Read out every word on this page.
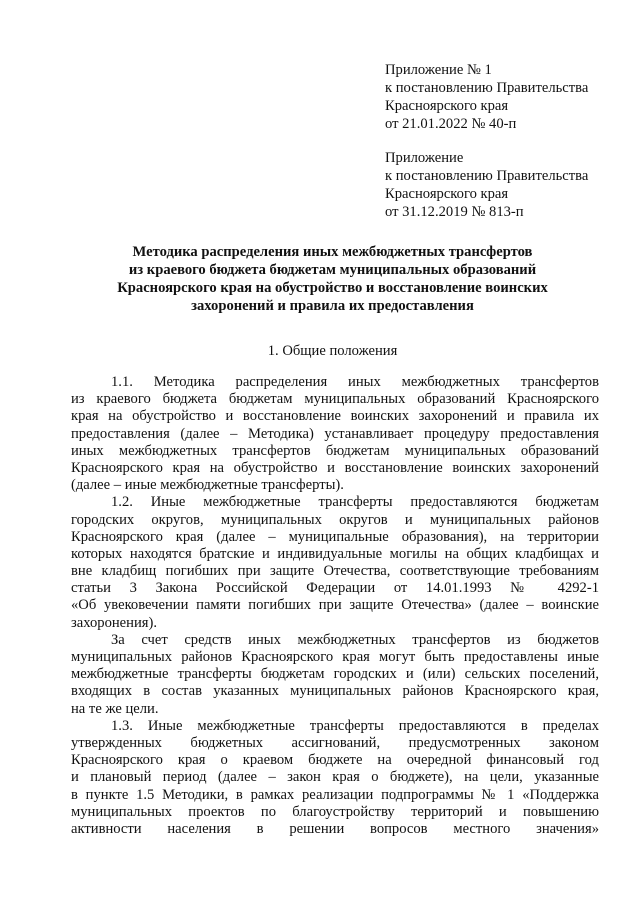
Приложение № 1
к постановлению Правительства
Красноярского края
от 21.01.2022 № 40-п
Приложение
к постановлению Правительства
Красноярского края
от 31.12.2019 № 813-п
Методика распределения иных межбюджетных трансфертов
из краевого бюджета бюджетам муниципальных образований
Красноярского края на обустройство и восстановление воинских
захоронений и правила их предоставления
1. Общие положения
1.1. Методика распределения иных межбюджетных трансфертов
из краевого бюджета бюджетам муниципальных образований Красноярского
края на обустройство и восстановление воинских захоронений и правила их
предоставления (далее – Методика) устанавливает процедуру предоставления
иных межбюджетных трансфертов бюджетам муниципальных образований
Красноярского края на обустройство и восстановление воинских захоронений
(далее – иные межбюджетные трансферты).
1.2. Иные межбюджетные трансферты предоставляются бюджетам
городских округов, муниципальных округов и муниципальных районов
Красноярского края (далее – муниципальные образования), на территории
которых находятся братские и индивидуальные могилы на общих кладбищах и
вне кладбищ погибших при защите Отечества, соответствующие требованиям
статьи 3 Закона Российской Федерации от 14.01.1993 № 4292-1
«Об увековечении памяти погибших при защите Отечества» (далее – воинские
захоронения).
За счет средств иных межбюджетных трансфертов из бюджетов
муниципальных районов Красноярского края могут быть предоставлены иные
межбюджетные трансферты бюджетам городских и (или) сельских поселений,
входящих в состав указанных муниципальных районов Красноярского края,
на те же цели.
1.3. Иные межбюджетные трансферты предоставляются в пределах
утвержденных бюджетных ассигнований, предусмотренных законом
Красноярского края о краевом бюджете на очередной финансовый год
и плановый период (далее – закон края о бюджете), на цели, указанные
в пункте 1.5 Методики, в рамках реализации подпрограммы № 1 «Поддержка
муниципальных проектов по благоустройству территорий и повышению
активности населения в решении вопросов местного значения»
